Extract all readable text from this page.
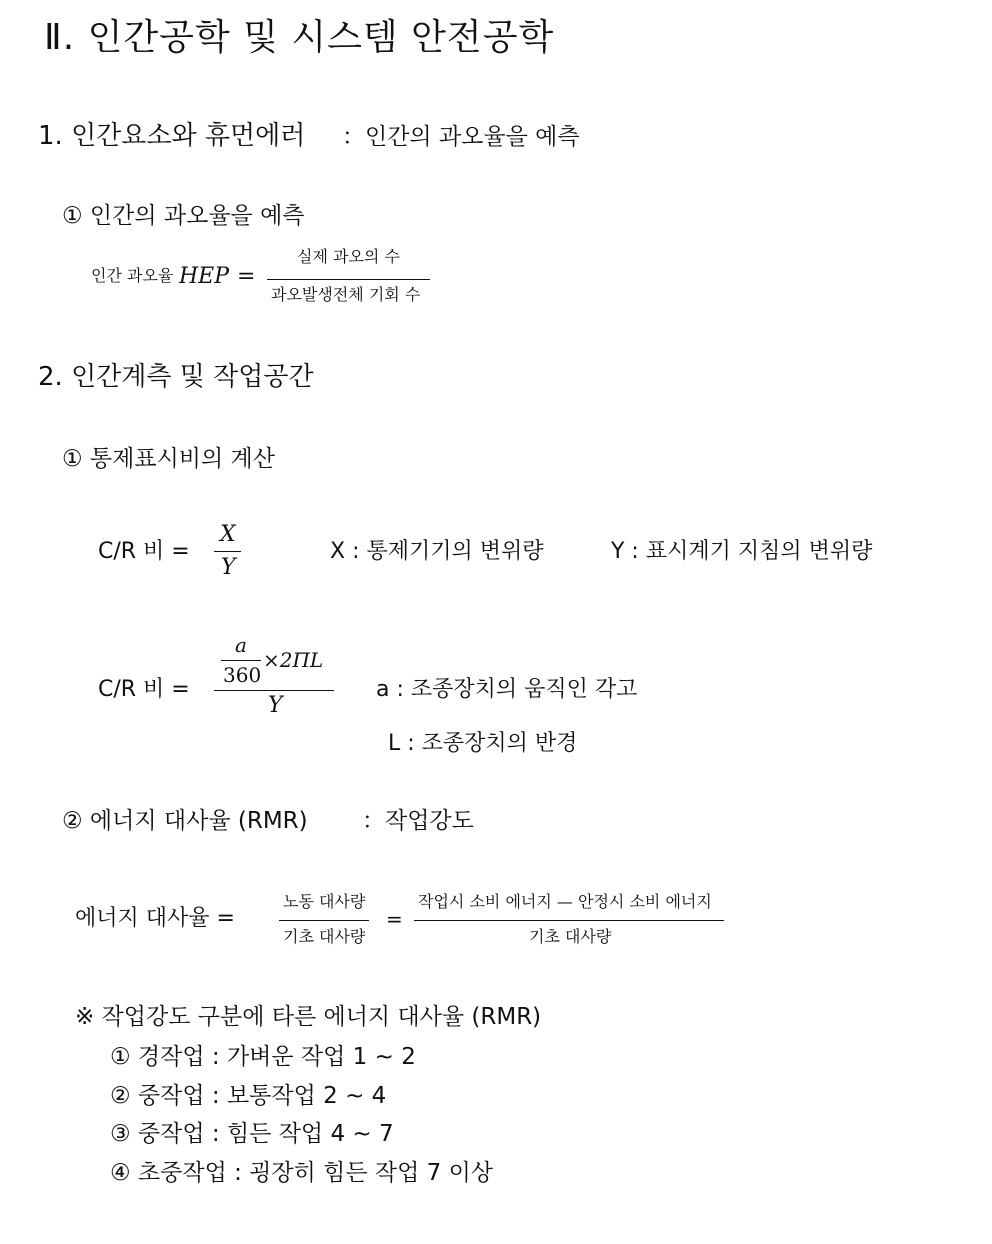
Ⅱ. 인간공학 및 시스템 안전공학
1. 인간요소와 휴먼에러 ：인간의 과오율을 예측
① 인간의 과오율을 예측
인간 과오율 HEP =
실제 과오의 수
과오발생전체 기회 수
2. 인간계측 및 작업공간
① 통제표시비의 계산
C/R 비 =
X
Y
X : 통제기기의 변위량	Y : 표시계기 지침의 변위량
C/R 비 =
a
360
×2ΠL
Y
a : 조종장치의 움직인 각고
L : 조종장치의 반경
② 에너지 대사율 (RMR) ：작업강도
에너지 대사율 =
노동 대사량
기초 대사량
=
작업시 소비 에너지 — 안정시 소비 에너지
기초 대사량
※ 작업강도 구분에 타른 에너지 대사율 (RMR)
① 경작업 : 가벼운 작업 1 ~ 2
② 중작업 : 보통작업 2 ~ 4
③ 중작업 : 힘든 작업 4 ~ 7
④ 초중작업 : 굉장히 힘든 작업 7 이상
